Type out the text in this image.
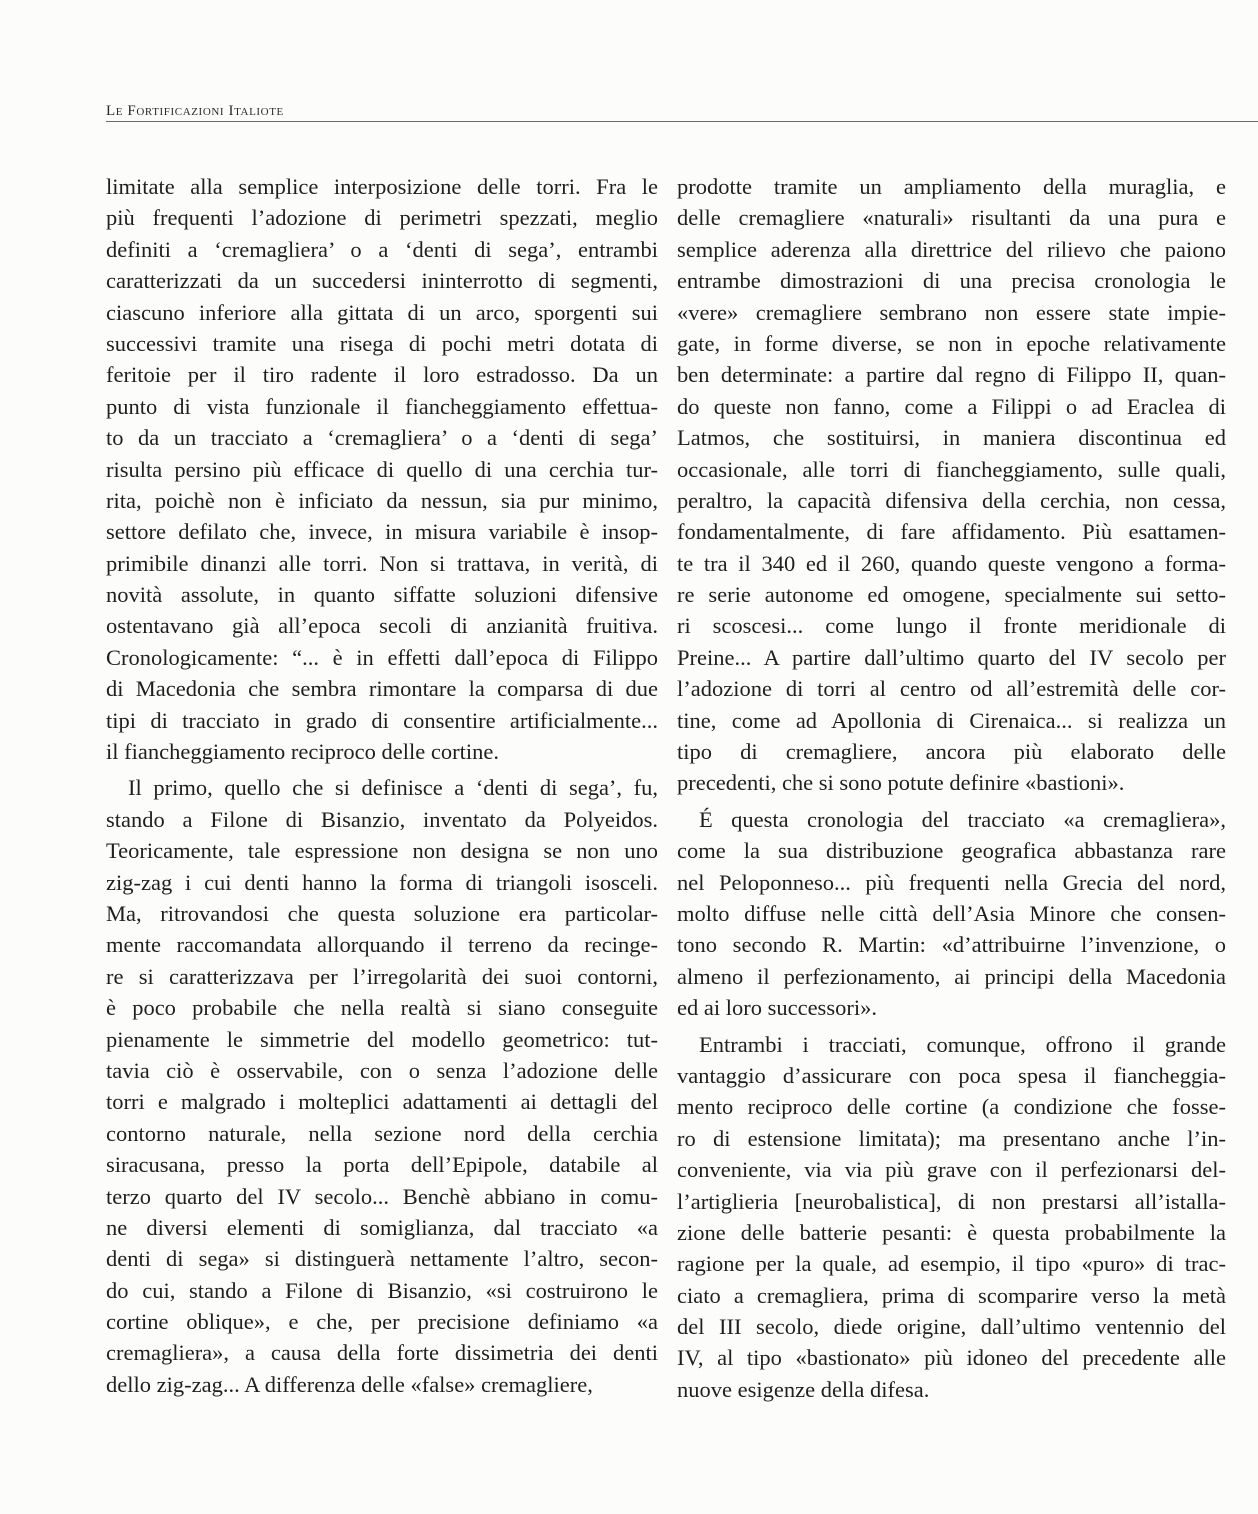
Le Fortificazioni Italiote
limitate alla semplice interposizione delle torri. Fra le
più frequenti l’adozione di perimetri spezzati, meglio
definiti a ‘cremagliera’ o a ‘denti di sega’, entrambi
caratterizzati da un succedersi ininterrotto di segmenti,
ciascuno inferiore alla gittata di un arco, sporgenti sui
successivi tramite una risega di pochi metri dotata di
feritoie per il tiro radente il loro estradosso. Da un
punto di vista funzionale il fiancheggiamento effettua-
to da un tracciato a ‘cremagliera’ o a ‘denti di sega’
risulta persino più efficace di quello di una cerchia tur-
rita, poichè non è inficiato da nessun, sia pur minimo,
settore defilato che, invece, in misura variabile è insop-
primibile dinanzi alle torri. Non si trattava, in verità, di
novità assolute, in quanto siffatte soluzioni difensive
ostentavano già all’epoca secoli di anzianità fruitiva.
Cronologicamente: “... è in effetti dall’epoca di Filippo
di Macedonia che sembra rimontare la comparsa di due
tipi di tracciato in grado di consentire artificialmente...
il fiancheggiamento reciproco delle cortine.
Il primo, quello che si definisce a ‘denti di sega’, fu,
stando a Filone di Bisanzio, inventato da Polyeidos.
Teoricamente, tale espressione non designa se non uno
zig-zag i cui denti hanno la forma di triangoli isosceli.
Ma, ritrovandosi che questa soluzione era particolar-
mente raccomandata allorquando il terreno da recinge-
re si caratterizzava per l’irregolarità dei suoi contorni,
è poco probabile che nella realtà si siano conseguite
pienamente le simmetrie del modello geometrico: tut-
tavia ciò è osservabile, con o senza l’adozione delle
torri e malgrado i molteplici adattamenti ai dettagli del
contorno naturale, nella sezione nord della cerchia
siracusana, presso la porta dell’Epipole, databile al
terzo quarto del IV secolo... Benchè abbiano in comu-
ne diversi elementi di somiglianza, dal tracciato «a
denti di sega» si distinguerà nettamente l’altro, secon-
do cui, stando a Filone di Bisanzio, «si costruirono le
cortine oblique», e che, per precisione definiamo «a
cremagliera», a causa della forte dissimetria dei denti
dello zig-zag... A differenza delle «false» cremagliere,
prodotte tramite un ampliamento della muraglia, e
delle cremagliere «naturali» risultanti da una pura e
semplice aderenza alla direttrice del rilievo che paiono
entrambe dimostrazioni di una precisa cronologia le
«vere» cremagliere sembrano non essere state impie-
gate, in forme diverse, se non in epoche relativamente
ben determinate: a partire dal regno di Filippo II, quan-
do queste non fanno, come a Filippi o ad Eraclea di
Latmos, che sostituirsi, in maniera discontinua ed
occasionale, alle torri di fiancheggiamento, sulle quali,
peraltro, la capacità difensiva della cerchia, non cessa,
fondamentalmente, di fare affidamento. Più esattamen-
te tra il 340 ed il 260, quando queste vengono a forma-
re serie autonome ed omogene, specialmente sui setto-
ri scoscesi... come lungo il fronte meridionale di
Preine... A partire dall’ultimo quarto del IV secolo per
l’adozione di torri al centro od all’estremità delle cor-
tine, come ad Apollonia di Cirenaica... si realizza un
tipo di cremagliere, ancora più elaborato delle
precedenti, che si sono potute definire «bastioni».
É questa cronologia del tracciato «a cremagliera»,
come la sua distribuzione geografica abbastanza rare
nel Peloponneso... più frequenti nella Grecia del nord,
molto diffuse nelle città dell’Asia Minore che consen-
tono secondo R. Martin: «d’attribuirne l’invenzione, o
almeno il perfezionamento, ai principi della Macedonia
ed ai loro successori».
Entrambi i tracciati, comunque, offrono il grande
vantaggio d’assicurare con poca spesa il fiancheggia-
mento reciproco delle cortine (a condizione che fosse-
ro di estensione limitata); ma presentano anche l’in-
conveniente, via via più grave con il perfezionarsi del-
l’artiglieria [neurobalistica], di non prestarsi all’istalla-
zione delle batterie pesanti: è questa probabilmente la
ragione per la quale, ad esempio, il tipo «puro» di trac-
ciato a cremagliera, prima di scomparire verso la metà
del III secolo, diede origine, dall’ultimo ventennio del
IV, al tipo «bastionato» più idoneo del precedente alle
nuove esigenze della difesa.
